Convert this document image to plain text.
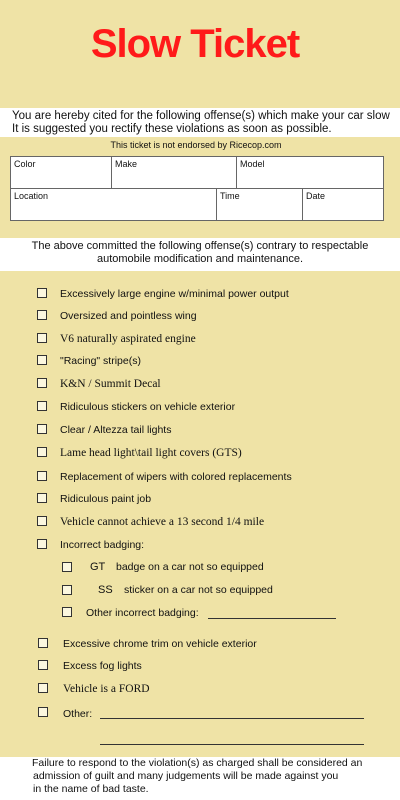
Slow Ticket
You are hereby cited for the following offense(s) which make your car slow
It is suggested you rectify these violations as soon as possible.
This ticket is not endorsed by Ricecop.com
Color	Make	Model
Location	Time	Date
The above committed the following offense(s) contrary to respectable
automobile modification and maintenance.
Excessively large engine w/minimal power output
Oversized and pointless wing
V6 naturally aspirated engine
"Racing" stripe(s)
K&N / Summit Decal
Ridiculous stickers on vehicle exterior
Clear / Altezza tail lights
Lame head light\tail light covers (GTS)
Replacement of wipers with colored replacements
Ridiculous paint job
Vehicle cannot achieve a 13 second 1/4 mile
Incorrect badging:
GT badge on a car not so equipped
SS sticker on a car not so equipped
Other incorrect badging:
Excessive chrome trim on vehicle exterior
Excess fog lights
Vehicle is a FORD
Other:
Failure to respond to the violation(s) as charged shall be considered an
admission of guilt and many judgements will be made against you
in the name of bad taste.
